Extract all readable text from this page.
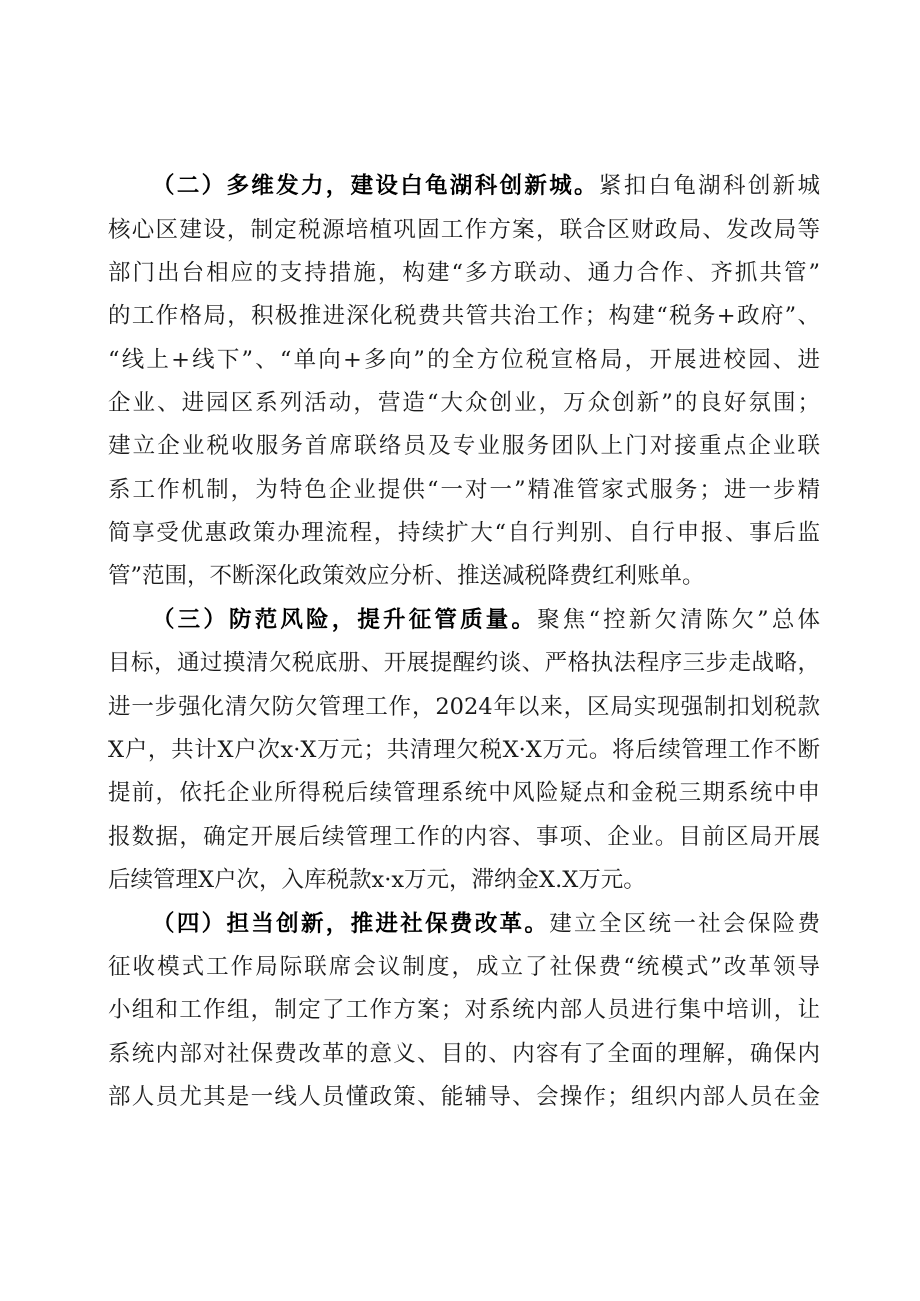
（二）多维发力，建设白龟湖科创新城。紧扣白龟湖科创新城
核心区建设，制定税源培植巩固工作方案，联合区财政局、发改局等
部门出台相应的支持措施，构建“多方联动、通力合作、齐抓共管”
的工作格局，积极推进深化税费共管共治工作；构建“税务+政府”、
“线上+线下”、“单向+多向”的全方位税宣格局，开展进校园、进
企业、进园区系列活动，营造“大众创业，万众创新”的良好氛围；
建立企业税收服务首席联络员及专业服务团队上门对接重点企业联
系工作机制，为特色企业提供“一对一”精准管家式服务；进一步精
简享受优惠政策办理流程，持续扩大“自行判别、自行申报、事后监
管”范围，不断深化政策效应分析、推送减税降费红利账单。
（三）防范风险，提升征管质量。聚焦“控新欠清陈欠”总体
目标，通过摸清欠税底册、开展提醒约谈、严格执法程序三步走战略，
进一步强化清欠防欠管理工作，2024年以来，区局实现强制扣划税款
X户，共计X户次x·X万元；共清理欠税X·X万元。将后续管理工作不断
提前，依托企业所得税后续管理系统中风险疑点和金税三期系统中申
报数据，确定开展后续管理工作的内容、事项、企业。目前区局开展
后续管理X户次，入库税款x·x万元，滞纳金X.X万元。
（四）担当创新，推进社保费改革。建立全区统一社会保险费
征收模式工作局际联席会议制度，成立了社保费“统模式”改革领导
小组和工作组，制定了工作方案；对系统内部人员进行集中培训，让
系统内部对社保费改革的意义、目的、内容有了全面的理解，确保内
部人员尤其是一线人员懂政策、能辅导、会操作；组织内部人员在金
